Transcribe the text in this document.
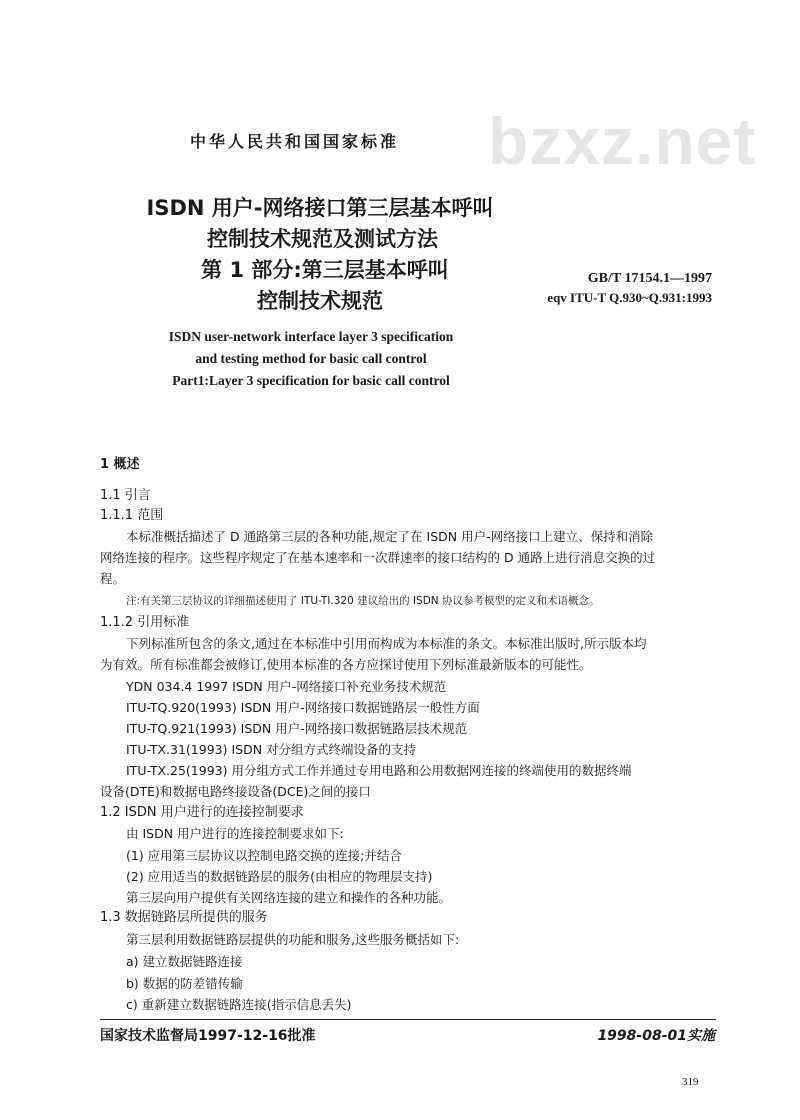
bzxz.net
中华人民共和国国家标准
ISDN 用户-网络接口第三层基本呼叫
控制技术规范及测试方法
第 1 部分:第三层基本呼叫
控制技术规范
GB/T 17154.1—1997
eqv ITU-T Q.930~Q.931:1993
ISDN user-network interface layer 3 specification
and testing method for basic call control
Part1:Layer 3 specification for basic call control
1 概述
1.1 引言
1.1.1 范围
本标准概括描述了 D 通路第三层的各种功能,规定了在 ISDN 用户-网络接口上建立、保持和消除
网络连接的程序。这些程序规定了在基本速率和一次群速率的接口结构的 D 通路上进行消息交换的过
程。
注:有关第三层协议的详细描述使用了 ITU-TI.320 建议给出的 ISDN 协议参考模型的定义和术语概念。
1.1.2 引用标准
下列标准所包含的条文,通过在本标准中引用而构成为本标准的条文。本标准出版时,所示版本均
为有效。所有标准都会被修订,使用本标准的各方应探讨使用下列标准最新版本的可能性。
YDN 034.4 1997 ISDN 用户-网络接口补充业务技术规范
ITU-TQ.920(1993) ISDN 用户-网络接口数据链路层一般性方面
ITU-TQ.921(1993) ISDN 用户-网络接口数据链路层技术规范
ITU-TX.31(1993) ISDN 对分组方式终端设备的支持
ITU-TX.25(1993) 用分组方式工作并通过专用电路和公用数据网连接的终端使用的数据终端
设备(DTE)和数据电路终接设备(DCE)之间的接口
1.2 ISDN 用户进行的连接控制要求
由 ISDN 用户进行的连接控制要求如下:
(1) 应用第三层协议以控制电路交换的连接;并结合
(2) 应用适当的数据链路层的服务(由相应的物理层支持)
第三层向用户提供有关网络连接的建立和操作的各种功能。
1.3 数据链路层所提供的服务
第三层利用数据链路层提供的功能和服务,这些服务概括如下:
a) 建立数据链路连接
b) 数据的防差错传输
c) 重新建立数据链路连接(指示信息丢失)
国家技术监督局1997-12-16批准	1998-08-01实施
319
